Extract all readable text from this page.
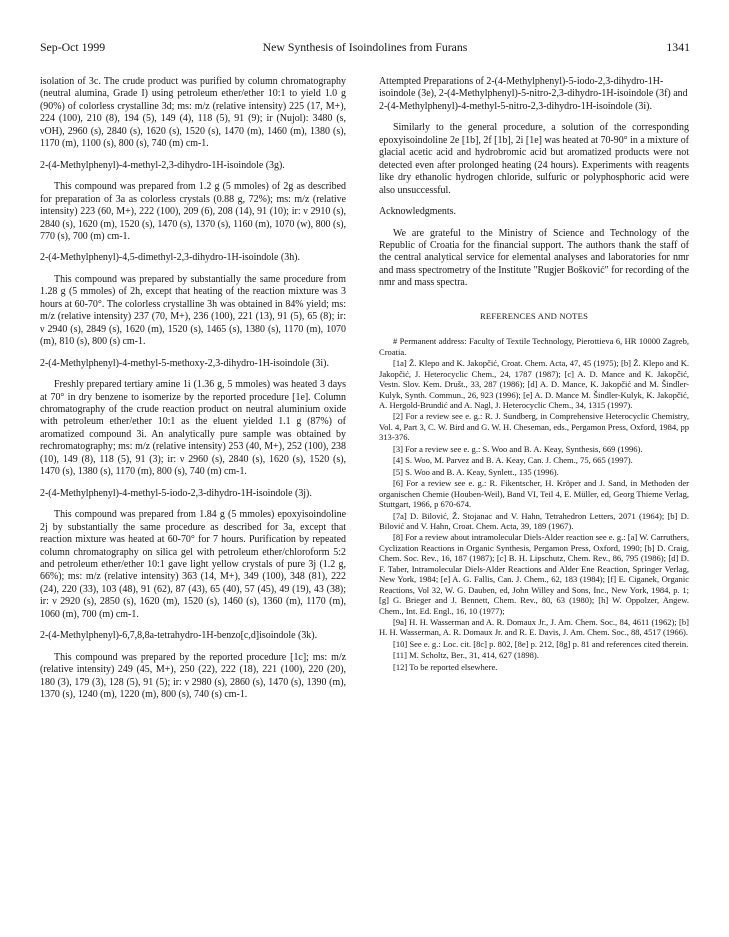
Sep-Oct 1999	New Synthesis of Isoindolines from Furans	1341

isolation of 3c. The crude product was purified by column chromatography (neutral alumina, Grade I) using petroleum ether/ether 10:1 to yield 1.0 g (90%) of colorless crystalline 3d; ms: m/z (relative intensity) 225 (17, M+), 224 (100), 210 (8), 194 (5), 149 (4), 118 (5), 91 (9); ir (Nujol): 3480 (s, νOH), 2960 (s), 2840 (s), 1620 (s), 1520 (s), 1470 (m), 1460 (m), 1380 (s), 1170 (m), 1100 (s), 800 (s), 740 (m) cm-1.

2-(4-Methylphenyl)-4-methyl-2,3-dihydro-1H-isoindole (3g).

This compound was prepared from 1.2 g (5 mmoles) of 2g as described for preparation of 3a as colorless crystals (0.88 g, 72%); ms: m/z (relative intensity) 223 (60, M+), 222 (100), 209 (6), 208 (14), 91 (10); ir: ν 2910 (s), 2840 (s), 1620 (m), 1520 (s), 1470 (s), 1370 (s), 1160 (m), 1070 (w), 800 (s), 770 (s), 700 (m) cm-1.

2-(4-Methylphenyl)-4,5-dimethyl-2,3-dihydro-1H-isoindole (3h).

This compound was prepared by substantially the same procedure from 1.28 g (5 mmoles) of 2h, except that heating of the reaction mixture was 3 hours at 60-70°. The colorless crystalline 3h was obtained in 84% yield; ms: m/z (relative intensity) 237 (70, M+), 236 (100), 221 (13), 91 (5), 65 (8); ir: ν 2940 (s), 2849 (s), 1620 (m), 1520 (s), 1465 (s), 1380 (s), 1170 (m), 1070 (m), 810 (s), 800 (s) cm-1.

2-(4-Methylphenyl)-4-methyl-5-methoxy-2,3-dihydro-1H-isoindole (3i).

Freshly prepared tertiary amine 1i (1.36 g, 5 mmoles) was heated 3 days at 70° in dry benzene to isomerize by the reported procedure [1e]. Column chromatography of the crude reaction product on neutral aluminium oxide with petroleum ether/ether 10:1 as the eluent yielded 1.1 g (87%) of aromatized compound 3i. An analytically pure sample was obtained by rechromatography; ms: m/z (relative intensity) 253 (40, M+), 252 (100), 238 (10), 149 (8), 118 (5), 91 (3); ir: ν 2960 (s), 2840 (s), 1620 (s), 1520 (s), 1470 (s), 1380 (s), 1170 (m), 800 (s), 740 (m) cm-1.

2-(4-Methylphenyl)-4-methyl-5-iodo-2,3-dihydro-1H-isoindole (3j).

This compound was prepared from 1.84 g (5 mmoles) epoxyisoindoline 2j by substantially the same procedure as described for 3a, except that reaction mixture was heated at 60-70° for 7 hours. Purification by repeated column chromatography on silica gel with petroleum ether/chloroform 5:2 and petroleum ether/ether 10:1 gave light yellow crystals of pure 3j (1.2 g, 66%); ms: m/z (relative intensity) 363 (14, M+), 349 (100), 348 (81), 222 (24), 220 (33), 103 (48), 91 (62), 87 (43), 65 (40), 57 (45), 49 (19), 43 (38); ir: ν 2920 (s), 2850 (s), 1620 (m), 1520 (s), 1460 (s), 1360 (m), 1170 (m), 1060 (m), 700 (m) cm-1.

2-(4-Methylphenyl)-6,7,8,8a-tetrahydro-1H-benzo[c,d]isoindole (3k).

This compound was prepared by the reported procedure [1c]; ms: m/z (relative intensity) 249 (45, M+), 250 (22), 222 (18), 221 (100), 220 (20), 180 (3), 179 (3), 128 (5), 91 (5); ir: ν 2980 (s), 2860 (s), 1470 (s), 1390 (m), 1370 (s), 1240 (m), 1220 (m), 800 (s), 740 (s) cm-1.

Attempted Preparations of 2-(4-Methylphenyl)-5-iodo-2,3-dihydro-1H-isoindole (3e), 2-(4-Methylphenyl)-5-nitro-2,3-dihydro-1H-isoindole (3f) and 2-(4-Methylphenyl)-4-methyl-5-nitro-2,3-dihydro-1H-isoindole (3i).

Similarly to the general procedure, a solution of the corresponding epoxyisoindoline 2e [1b], 2f [1b], 2i [1e] was heated at 70-90° in a mixture of glacial acetic acid and hydrobromic acid but aromatized products were not detected even after prolonged heating (24 hours). Experiments with reagents like dry ethanolic hydrogen chloride, sulfuric or polyphosphoric acid were also unsuccessful.

Acknowledgments.

We are grateful to the Ministry of Science and Technology of the Republic of Croatia for the financial support. The authors thank the staff of the central analytical service for elemental analyses and laboratories for nmr and mass spectrometry of the Institute "Rugjer Bošković" for recording of the nmr and mass spectra.

REFERENCES AND NOTES

# Permanent address: Faculty of Textile Technology, Pierottieva 6, HR 10000 Zagreb, Croatia.

[1a] Ž. Klepo and K. Jakopčić, Croat. Chem. Acta, 47, 45 (1975); [b] Ž. Klepo and K. Jakopčić, J. Heterocyclic Chem., 24, 1787 (1987); [c] A. D. Mance and K. Jakopčić, Vestn. Slov. Kem. Društ., 33, 287 (1986); [d] A. D. Mance, K. Jakopčić and M. Šindler-Kulyk, Synth. Commun., 26, 923 (1996); [e] A. D. Mance M. Šindler-Kulyk, K. Jakopčić, A. Hergold-Brundić and A. Nagl, J. Heterocyclic Chem., 34, 1315 (1997).

[2] For a review see e. g.: R. J. Sundberg, in Comprehensive Heterocyclic Chemistry, Vol. 4, Part 3, C. W. Bird and G. W. H. Cheseman, eds., Pergamon Press, Oxford, 1984, pp 313-376.

[3] For a review see e. g.: S. Woo and B. A. Keay, Synthesis, 669 (1996).

[4] S. Woo, M. Parvez and B. A. Keay, Can. J. Chem., 75, 665 (1997).

[5] S. Woo and B. A. Keay, Synlett., 135 (1996).

[6] For a review see e. g.: R. Fikentscher, H. Kröper and J. Sand, in Methoden der organischen Chemie (Houben-Weil), Band VI, Teil 4, E. Müller, ed, Georg Thieme Verlag, Stuttgart, 1966, p 670-674.

[7a] D. Bilović, Ž. Stojanac and V. Hahn, Tetrahedron Letters, 2071 (1964); [b] D. Bilović and V. Hahn, Croat. Chem. Acta, 39, 189 (1967).

[8] For a review about intramolecular Diels-Alder reaction see e. g.: [a] W. Carruthers, Cyclization Reactions in Organic Synthesis, Pergamon Press, Oxford, 1990; [b] D. Craig, Chem. Soc. Rev., 16, 187 (1987); [c] B. H. Lipschutz, Chem. Rev., 86, 795 (1986); [d] D. F. Taber, Intramolecular Diels-Alder Reactions and Alder Ene Reaction, Springer Verlag, New York, 1984; [e] A. G. Fallis, Can. J. Chem., 62, 183 (1984); [f] E. Ciganek, Organic Reactions, Vol 32, W. G. Dauben, ed, John Willey and Sons, Inc., New York, 1984, p. 1; [g] G. Brieger and J. Bennett, Chem. Rev., 80, 63 (1980); [h] W. Oppolzer, Angew. Chem., Int. Ed. Engl., 16, 10 (1977);

[9a] H. H. Wasserman and A. R. Domaux Jr., J. Am. Chem. Soc., 84, 4611 (1962); [b] H. H. Wasserman, A. R. Domaux Jr. and R. E. Davis, J. Am. Chem. Soc., 88, 4517 (1966).

[10] See e. g.: Loc. cit. [8c] p. 802, [8e] p. 212, [8g] p. 81 and references cited therein.

[11] M. Scholtz, Ber., 31, 414, 627 (1898).

[12] To be reported elsewhere.
